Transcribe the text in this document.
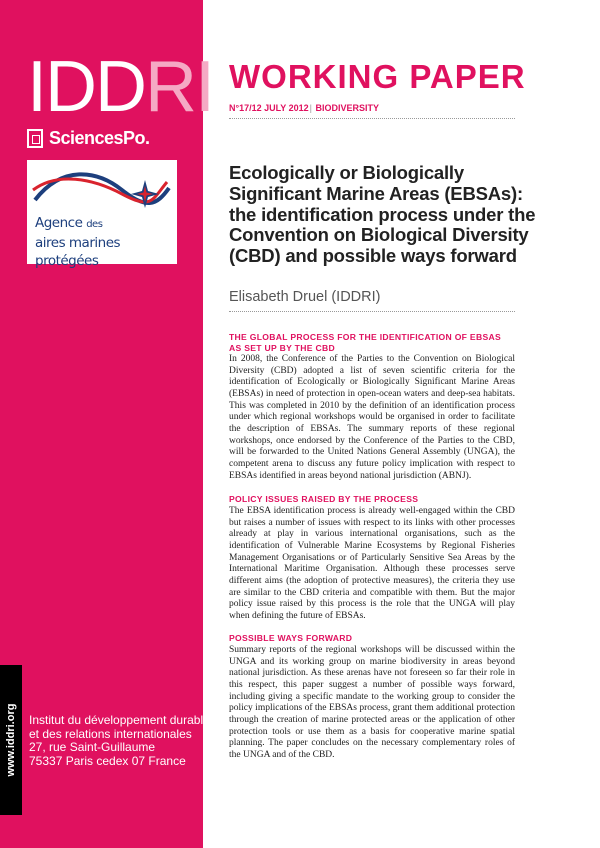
IDDRI
SciencesPo.
Agence des
aires marines protégées
www.iddri.org Institut du développement durable
et des relations internationales
27, rue Saint-Guillaume
75337 Paris cedex 07 France
WORKING PAPER
N°17/12 JULY 2012| BIODIVERSITY
Ecologically or Biologically
Significant Marine Areas (EBSAs):
the identification process under the
Convention on Biological Diversity
(CBD) and possible ways forward
Elisabeth Druel (IDDRI)
THE GLOBAL PROCESS FOR THE IDENTIFICATION OF EBSAS
AS SET UP BY THE CBD
In 2008, the Conference of the Parties to the Convention on Biological Diversity (CBD) adopted a list of seven scientific criteria for the identification of Ecologically or Biologically Significant Marine Areas (EBSAs) in need of protection in open-ocean waters and deep-sea habitats. This was completed in 2010 by the definition of an identification process under which regional workshops would be organised in order to facilitate the description of EBSAs. The summary reports of these regional workshops, once endorsed by the Conference of the Parties to the CBD, will be forwarded to the United Nations General Assembly (UNGA), the competent arena to discuss any future policy implication with respect to EBSAs identified in areas beyond national jurisdiction (ABNJ).
POLICY ISSUES RAISED BY THE PROCESS
The EBSA identification process is already well-engaged within the CBD but raises a number of issues with respect to its links with other processes already at play in various international organisations, such as the identification of Vulnerable Marine Ecosystems by Regional Fisheries Management Organisations or of Particularly Sensitive Sea Areas by the International Maritime Organisation. Although these processes serve different aims (the adoption of protective measures), the criteria they use are similar to the CBD criteria and compatible with them. But the major policy issue raised by this process is the role that the UNGA will play when defining the future of EBSAs.
POSSIBLE WAYS FORWARD
Summary reports of the regional workshops will be discussed within the UNGA and its working group on marine biodiversity in areas beyond national jurisdiction. As these arenas have not foreseen so far their role in this respect, this paper suggest a number of possible ways forward, including giving a specific mandate to the working group to consider the policy implications of the EBSAs process, grant them additional protection through the creation of marine protected areas or the application of other protection tools or use them as a basis for cooperative marine spatial planning. The paper concludes on the necessary complementary roles of the UNGA and of the CBD.
